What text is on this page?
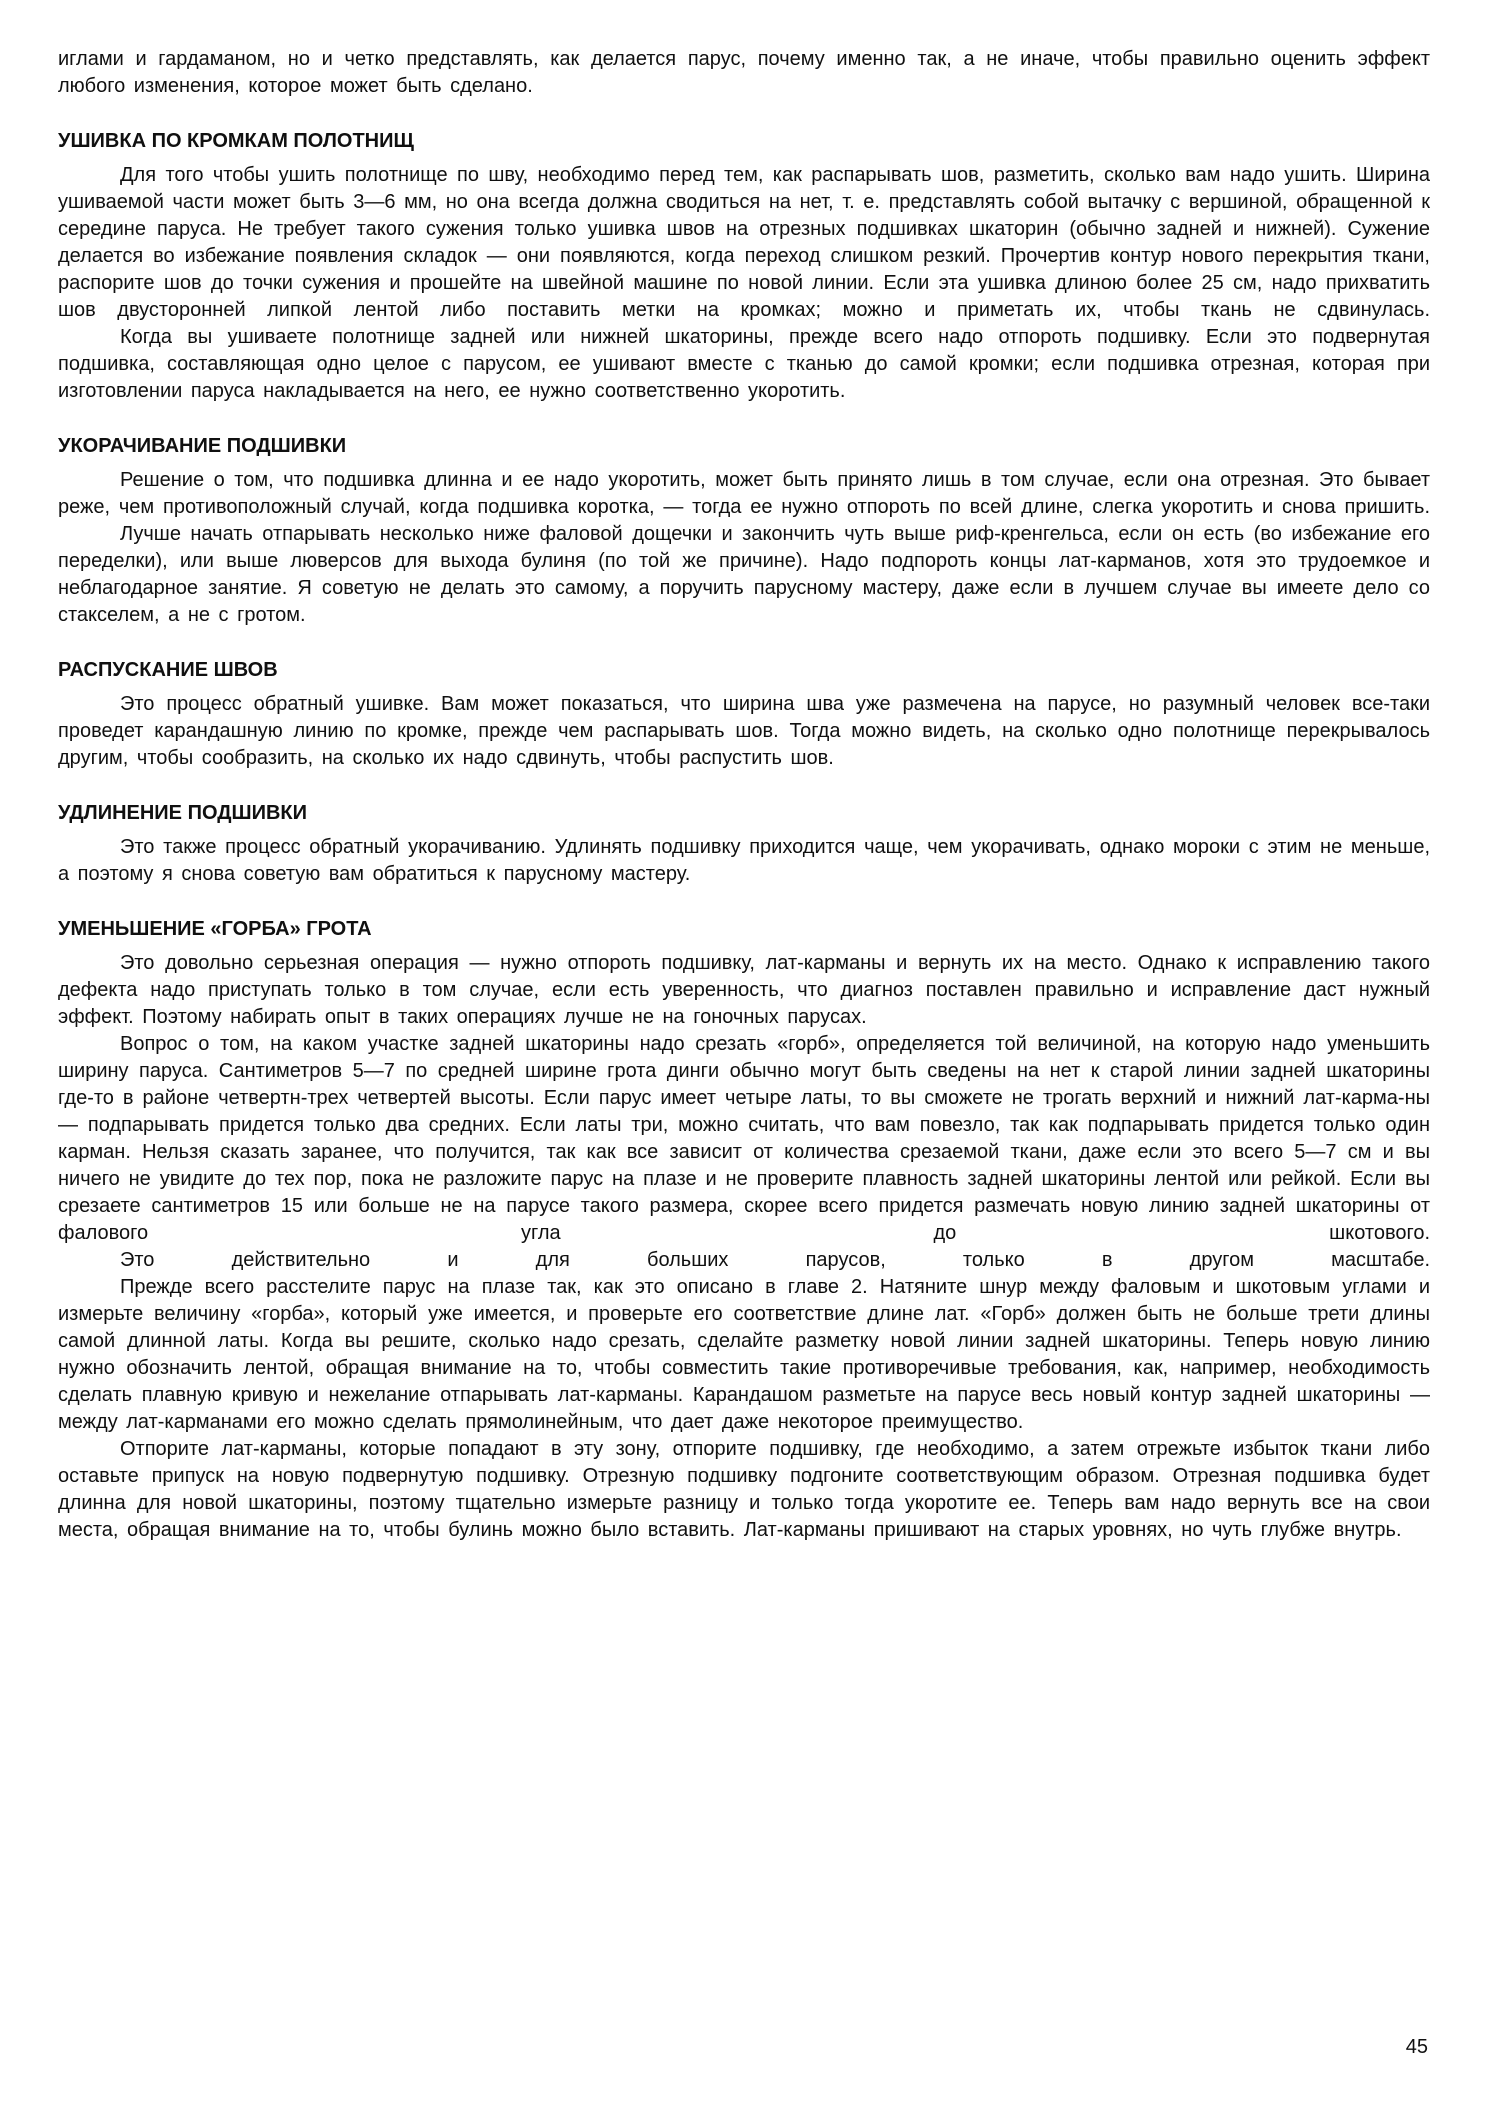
иглами и гардаманом, но и четко представлять, как делается парус, почему именно так, а не иначе, чтобы правильно оценить эффект любого изменения, которое может быть сделано.

УШИВКА ПО КРОМКАМ ПОЛОТНИЩ

Для того чтобы ушить полотнище по шву, необходимо перед тем, как распарывать шов, разметить, сколько вам надо ушить. Ширина ушиваемой части может быть 3—6 мм, но она всегда должна сводиться на нет, т. е. представлять собой вытачку с вершиной, обращенной к середине паруса. Не требует такого сужения только ушивка швов на отрезных подшивках шкаторин (обычно задней и нижней). Сужение делается во избежание появления складок — они появляются, когда переход слишком резкий. Прочертив контур нового перекрытия ткани, распорите шов до точки сужения и прошейте на швейной машине по новой линии. Если эта ушивка длиною более 25 см, надо прихватить шов двусторонней липкой лентой либо поставить метки на кромках; можно и приметать их, чтобы ткань не сдвинулась.

Когда вы ушиваете полотнище задней или нижней шкаторины, прежде всего надо отпороть подшивку. Если это подвернутая подшивка, составляющая одно целое с парусом, ее ушивают вместе с тканью до самой кромки; если подшивка отрезная, которая при изготовлении паруса накладывается на него, ее нужно соответственно укоротить.

УКОРАЧИВАНИЕ ПОДШИВКИ

Решение о том, что подшивка длинна и ее надо укоротить, может быть принято лишь в том случае, если она отрезная. Это бывает реже, чем противоположный случай, когда подшивка коротка, — тогда ее нужно отпороть по всей длине, слегка укоротить и снова пришить.

Лучше начать отпарывать несколько ниже фаловой дощечки и закончить чуть выше риф-кренгельса, если он есть (во избежание его переделки), или выше люверсов для выхода булиня (по той же причине). Надо подпороть концы лат-карманов, хотя это трудоемкое и неблагодарное занятие. Я советую не делать это самому, а поручить парусному мастеру, даже если в лучшем случае вы имеете дело со стакселем, а не с гротом.

РАСПУСКАНИЕ ШВОВ

Это процесс обратный ушивке. Вам может показаться, что ширина шва уже размечена на парусе, но разумный человек все-таки проведет карандашную линию по кромке, прежде чем распарывать шов. Тогда можно видеть, на сколько одно полотнище перекрывалось другим, чтобы сообразить, на сколько их надо сдвинуть, чтобы распустить шов.

УДЛИНЕНИЕ ПОДШИВКИ

Это также процесс обратный укорачиванию. Удлинять подшивку приходится чаще, чем укорачивать, однако мороки с этим не меньше, а поэтому я снова советую вам обратиться к парусному мастеру.

УМЕНЬШЕНИЕ «ГОРБА» ГРОТА

Это довольно серьезная операция — нужно отпороть подшивку, лат-карманы и вернуть их на место. Однако к исправлению такого дефекта надо приступать только в том случае, если есть уверенность, что диагноз поставлен правильно и исправление даст нужный эффект. Поэтому набирать опыт в таких операциях лучше не на гоночных парусах.

Вопрос о том, на каком участке задней шкаторины надо срезать «горб», определяется той величиной, на которую надо уменьшить ширину паруса. Сантиметров 5—7 по средней ширине грота динги обычно могут быть сведены на нет к старой линии задней шкаторины где-то в районе четвертн-трех четвертей высоты. Если парус имеет четыре латы, то вы сможете не трогать верхний и нижний лат-карма-ны — подпарывать придется только два средних. Если латы три, можно считать, что вам повезло, так как подпарывать придется только один карман. Нельзя сказать заранее, что получится, так как все зависит от количества срезаемой ткани, даже если это всего 5—7 см и вы ничего не увидите до тех пор, пока не разложите парус на плазе и не проверите плавность задней шкаторины лентой или рейкой. Если вы срезаете сантиметров 15 или больше не на парусе такого размера, скорее всего придется размечать новую линию задней шкаторины от фалового угла до шкотового.

Это действительно и для больших парусов, только в другом масштабе.

Прежде всего расстелите парус на плазе так, как это описано в главе 2. Натяните шнур между фаловым и шкотовым углами и измерьте величину «горба», который уже имеется, и проверьте его соответствие длине лат. «Горб» должен быть не больше трети длины самой длинной латы. Когда вы решите, сколько надо срезать, сделайте разметку новой линии задней шкаторины. Теперь новую линию нужно обозначить лентой, обращая внимание на то, чтобы совместить такие противоречивые требования, как, например, необходимость сделать плавную кривую и нежелание отпарывать лат-карманы. Карандашом разметьте на парусе весь новый контур задней шкаторины — между лат-карманами его можно сделать прямолинейным, что дает даже некоторое преимущество.

Отпорите лат-карманы, которые попадают в эту зону, отпорите подшивку, где необходимо, а затем отрежьте избыток ткани либо оставьте припуск на новую подвернутую подшивку. Отрезную подшивку подгоните соответствующим образом. Отрезная подшивка будет длинна для новой шкаторины, поэтому тщательно измерьте разницу и только тогда укоротите ее. Теперь вам надо вернуть все на свои места, обращая внимание на то, чтобы булинь можно было вставить. Лат-карманы пришивают на старых уровнях, но чуть глубже внутрь.

45
